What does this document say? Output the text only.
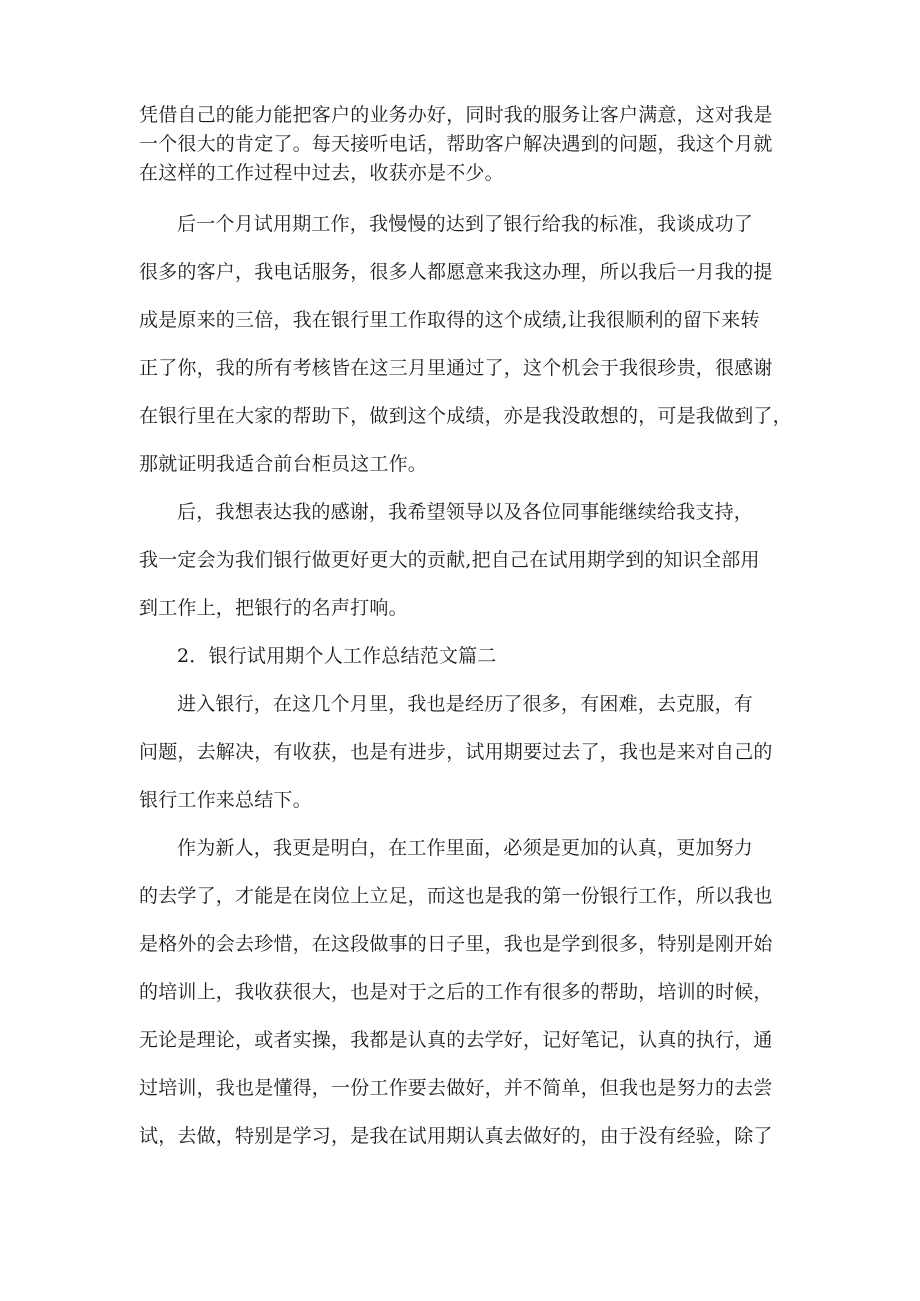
凭借自己的能力能把客户的业务办好，同时我的服务让客户满意，这对我是
一个很大的肯定了。每天接听电话，帮助客户解决遇到的问题，我这个月就
在这样的工作过程中过去，收获亦是不少。
后一个月试用期工作，我慢慢的达到了银行给我的标准，我谈成功了
很多的客户，我电话服务，很多人都愿意来我这办理，所以我后一月我的提
成是原来的三倍，我在银行里工作取得的这个成绩,让我很顺利的留下来转
正了你，我的所有考核皆在这三月里通过了，这个机会于我很珍贵，很感谢
在银行里在大家的帮助下，做到这个成绩，亦是我没敢想的，可是我做到了，
那就证明我适合前台柜员这工作。
后，我想表达我的感谢，我希望领导以及各位同事能继续给我支持，
我一定会为我们银行做更好更大的贡献,把自己在试用期学到的知识全部用
到工作上，把银行的名声打响。
2．银行试用期个人工作总结范文篇二
进入银行，在这几个月里，我也是经历了很多，有困难，去克服，有
问题，去解决，有收获，也是有进步，试用期要过去了，我也是来对自己的
银行工作来总结下。
作为新人，我更是明白，在工作里面，必须是更加的认真，更加努力
的去学了，才能是在岗位上立足，而这也是我的第一份银行工作，所以我也
是格外的会去珍惜，在这段做事的日子里，我也是学到很多，特别是刚开始
的培训上，我收获很大，也是对于之后的工作有很多的帮助，培训的时候，
无论是理论，或者实操，我都是认真的去学好，记好笔记，认真的执行，通
过培训，我也是懂得，一份工作要去做好，并不简单，但我也是努力的去尝
试，去做，特别是学习，是我在试用期认真去做好的，由于没有经验，除了
